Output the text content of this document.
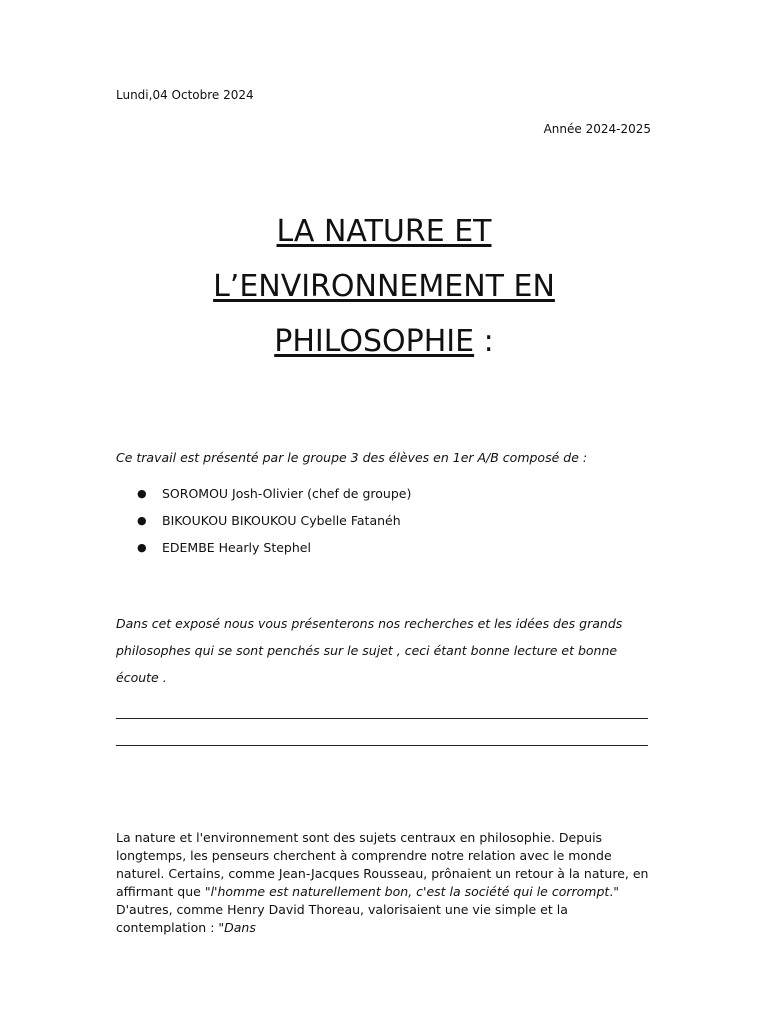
Lundi,04 Octobre 2024
Année 2024-2025
LA NATURE ET
L’ENVIRONNEMENT EN
PHILOSOPHIE :
Ce travail est présenté par le groupe 3 des élèves en 1er A/B composé de :
● SOROMOU Josh-Olivier (chef de groupe)
● BIKOUKOU BIKOUKOU Cybelle Fatanéh
● EDEMBE Hearly Stephel
Dans cet exposé nous vous présenterons nos recherches et les idées des grands
philosophes qui se sont penchés sur le sujet , ceci étant bonne lecture et bonne
écoute .
La nature et l'environnement sont des sujets centraux en philosophie. Depuis longtemps, les penseurs cherchent à comprendre notre relation avec le monde naturel. Certains, comme Jean-Jacques Rousseau, prônaient un retour à la nature, en affirmant que "l'homme est naturellement bon, c'est la société qui le corrompt." D'autres, comme Henry David Thoreau, valorisaient une vie simple et la contemplation : "Dans
